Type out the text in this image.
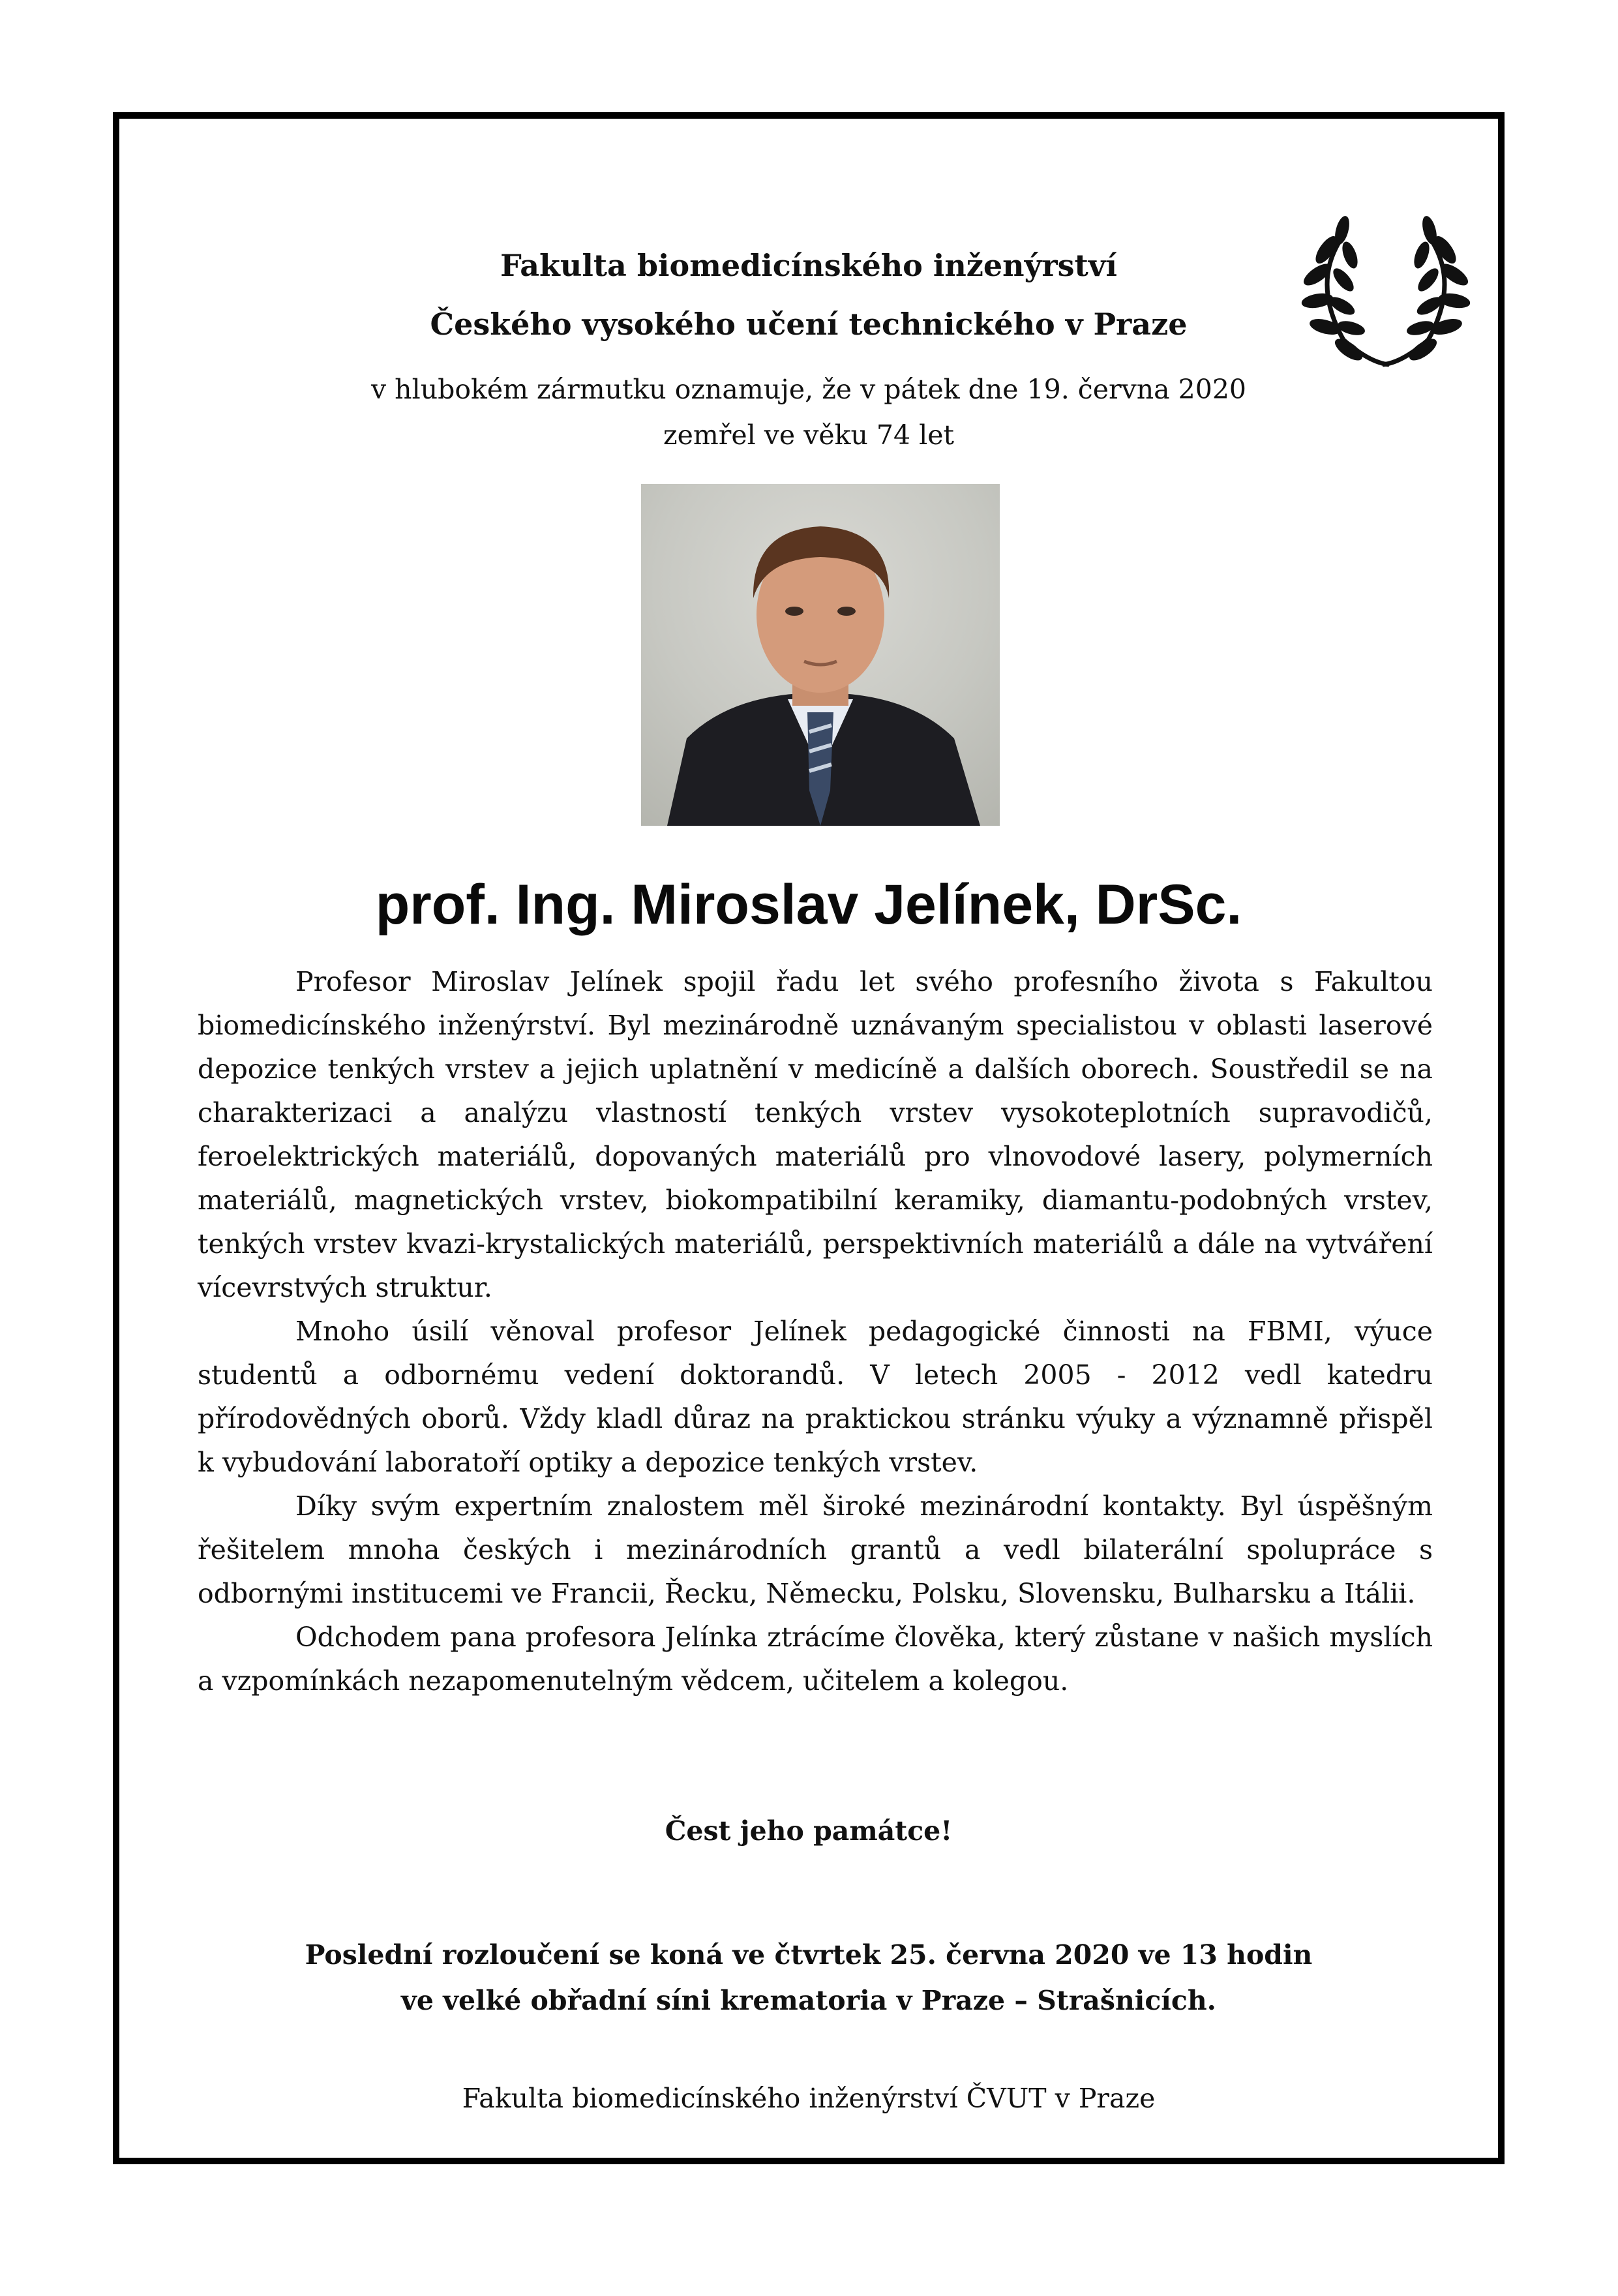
Fakulta biomedicínského inženýrství
Českého vysokého učení technického v Praze
v hlubokém zármutku oznamuje, že v pátek dne 19. června 2020
zemřel ve věku 74 let
prof. Ing. Miroslav Jelínek, DrSc.

Profesor Miroslav Jelínek spojil řadu let svého profesního života s Fakultou biomedicínského inženýrství. Byl mezinárodně uznávaným specialistou v oblasti laserové depozice tenkých vrstev a jejich uplatnění v medicíně a dalších oborech. Soustředil se na charakterizaci a analýzu vlastností tenkých vrstev vysokoteplotních supravodičů, feroelektrických materiálů, dopovaných materiálů pro vlnovodové lasery, polymerních materiálů, magnetických vrstev, biokompatibilní keramiky, diamantu-podobných vrstev, tenkých vrstev kvazi-krystalických materiálů, perspektivních materiálů a dále na vytváření vícevrstvých struktur.

Mnoho úsilí věnoval profesor Jelínek pedagogické činnosti na FBMI, výuce studentů a odbornému vedení doktorandů. V letech 2005 - 2012 vedl katedru přírodovědných oborů. Vždy kladl důraz na praktickou stránku výuky a významně přispěl k vybudování laboratoří optiky a depozice tenkých vrstev.

Díky svým expertním znalostem měl široké mezinárodní kontakty. Byl úspěšným řešitelem mnoha českých i mezinárodních grantů a vedl bilaterální spolupráce s odbornými institucemi ve Francii, Řecku, Německu, Polsku, Slovensku, Bulharsku a Itálii.

Odchodem pana profesora Jelínka ztrácíme člověka, který zůstane v našich myslích a vzpomínkách nezapomenutelným vědcem, učitelem a kolegou.

Čest jeho památce!
Poslední rozloučení se koná ve čtvrtek 25. června 2020 ve 13 hodin
ve velké obřadní síni krematoria v Praze – Strašnicích.
Fakulta biomedicínského inženýrství ČVUT v Praze
